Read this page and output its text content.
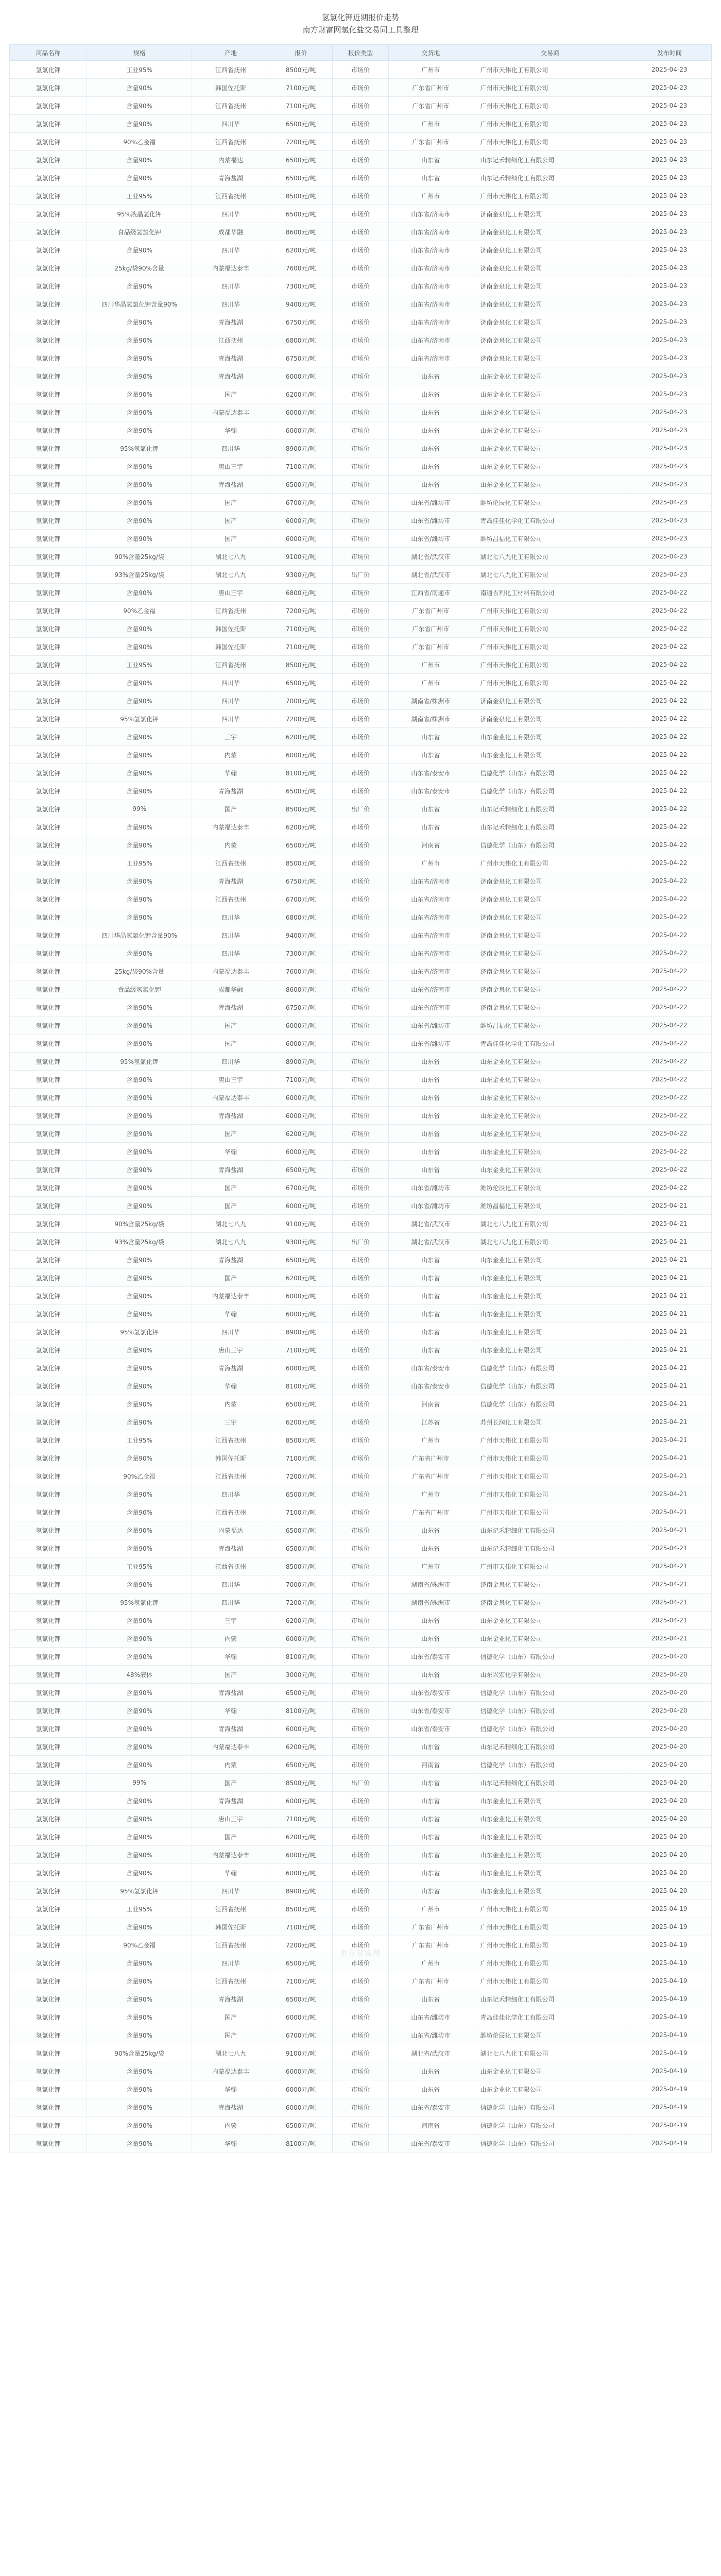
氢氯化钾近期报价走势
南方财富网氢化盐交易同工具整理
商品名称	规格	产地	报价	报价类型	交货地	交易商	发布时间
氢氯化钾	工业95%	江西省抚州	8500元/吨	市场价	广州市	广州市天伟化工有限公司	2025-04-23
氢氯化钾	含量90%	韩国佐托斯	7100元/吨	市场价	广东省广州市	广州市天伟化工有限公司	2025-04-23
氢氯化钾	含量90%	江西省抚州	7100元/吨	市场价	广东省广州市	广州市天伟化工有限公司	2025-04-23
氢氯化钾	含量90%	四川华	6500元/吨	市场价	广州市	广州市天伟化工有限公司	2025-04-23
氢氯化钾	90%乙金福	江西省抚州	7200元/吨	市场价	广东省广州市	广州市天伟化工有限公司	2025-04-23
氢氯化钾	含量90%	内蒙福达	6500元/吨	市场价	山东省	山东记禾精细化工有限公司	2025-04-23
氢氯化钾	含量90%	青海盐湖	6500元/吨	市场价	山东省	山东记禾精细化工有限公司	2025-04-23
氢氯化钾	工业95%	江西省抚州	8500元/吨	市场价	广州市	广州市天伟化工有限公司	2025-04-23
氢氯化钾	95%液晶氢化钾	四川华	6500元/吨	市场价	山东省/济南市	济南金泉化工有限公司	2025-04-23
氢氯化钾	食品级氢氯化钾	成都华融	8600元/吨	市场价	山东省/济南市	济南金泉化工有限公司	2025-04-23
氢氯化钾	含量90%	四川华	6200元/吨	市场价	山东省/济南市	济南金泉化工有限公司	2025-04-23
氢氯化钾	25kg/袋90%含量	内蒙福达泰丰	7600元/吨	市场价	山东省/济南市	济南金泉化工有限公司	2025-04-23
氢氯化钾	含量90%	四川华	7300元/吨	市场价	山东省/济南市	济南金泉化工有限公司	2025-04-23
氢氯化钾	四川华晶氢氯化钾含量90%	四川华	9400元/吨	市场价	山东省/济南市	济南金泉化工有限公司	2025-04-23
氢氯化钾	含量90%	青海盐湖	6750元/吨	市场价	山东省/济南市	济南金泉化工有限公司	2025-04-23
氢氯化钾	含量90%	江西抚州	6800元/吨	市场价	山东省/济南市	济南金泉化工有限公司	2025-04-23
氢氯化钾	含量90%	青海盐湖	6750元/吨	市场价	山东省/济南市	济南金泉化工有限公司	2025-04-23
氢氯化钾	含量90%	青海盐湖	6000元/吨	市场价	山东省	山东金业化工有限公司	2025-04-23
氢氯化钾	含量90%	国产	6200元/吨	市场价	山东省	山东金业化工有限公司	2025-04-23
氢氯化钾	含量90%	内蒙福达泰丰	6000元/吨	市场价	山东省	山东金业化工有限公司	2025-04-23
氢氯化钾	含量90%	华翰	6000元/吨	市场价	山东省	山东金业化工有限公司	2025-04-23
氢氯化钾	95%氢氯化钾	四川华	8900元/吨	市场价	山东省	山东金业化工有限公司	2025-04-23
氢氯化钾	含量90%	唐山三宇	7100元/吨	市场价	山东省	山东金业化工有限公司	2025-04-23
氢氯化钾	含量90%	青海盐湖	6500元/吨	市场价	山东省	山东金业化工有限公司	2025-04-23
氢氯化钾	含量90%	国产	6700元/吨	市场价	山东省/潍坊市	潍坊伦辰化工有限公司	2025-04-23
氢氯化钾	含量90%	国产	6000元/吨	市场价	山东省/潍坊市	青岛佳佳化学化工有限公司	2025-04-23
氢氯化钾	含量90%	国产	6000元/吨	市场价	山东省/潍坊市	潍坊昌福化工有限公司	2025-04-23
氢氯化钾	90%含量25kg/袋	湖北七八九	9100元/吨	市场价	湖北省/武汉市	湖北七八九化工有限公司	2025-04-23
氢氯化钾	93%含量25kg/袋	湖北七八九	9300元/吨	出厂价	湖北省/武汉市	湖北七八九化工有限公司	2025-04-23
氢氯化钾	含量90%	唐山三宇	6800元/吨	市场价	江西省/南通市	南通吉利化工材料有限公司	2025-04-22
氢氯化钾	90%乙金福	江西省抚州	7200元/吨	市场价	广东省广州市	广州市天伟化工有限公司	2025-04-22
氢氯化钾	含量90%	韩国佐托斯	7100元/吨	市场价	广东省广州市	广州市天伟化工有限公司	2025-04-22
氢氯化钾	含量90%	韩国佐托斯	7100元/吨	市场价	广东省广州市	广州市天伟化工有限公司	2025-04-22
氢氯化钾	工业95%	江西省抚州	8500元/吨	市场价	广州市	广州市天伟化工有限公司	2025-04-22
氢氯化钾	含量90%	四川华	6500元/吨	市场价	广州市	广州市天伟化工有限公司	2025-04-22
氢氯化钾	含量90%	四川华	7000元/吨	市场价	湖南省/株洲市	济南金泉化工有限公司	2025-04-22
氢氯化钾	95%氢氯化钾	四川华	7200元/吨	市场价	湖南省/株洲市	济南金泉化工有限公司	2025-04-22
氢氯化钾	含量90%	三宇	6200元/吨	市场价	山东省	山东金业化工有限公司	2025-04-22
氢氯化钾	含量90%	内蒙	6000元/吨	市场价	山东省	山东金业化工有限公司	2025-04-22
氢氯化钾	含量90%	华翰	8100元/吨	市场价	山东省/泰安市	信德化学（山东）有限公司	2025-04-22
氢氯化钾	含量90%	青海盐湖	6500元/吨	市场价	山东省/泰安市	信德化学（山东）有限公司	2025-04-22
氢氯化钾	99%	国产	8500元/吨	出厂价	山东省	山东记禾精细化工有限公司	2025-04-22
氢氯化钾	含量90%	内蒙福达泰丰	6200元/吨	市场价	山东省	山东记禾精细化工有限公司	2025-04-22
氢氯化钾	含量90%	内蒙	6500元/吨	市场价	河南省	信德化学（山东）有限公司	2025-04-22
氢氯化钾	工业95%	江西省抚州	8500元/吨	市场价	广州市	广州市天伟化工有限公司	2025-04-22
氢氯化钾	含量90%	青海盐湖	6750元/吨	市场价	山东省/济南市	济南金泉化工有限公司	2025-04-22
氢氯化钾	含量90%	江西省抚州	6700元/吨	市场价	山东省/济南市	济南金泉化工有限公司	2025-04-22
氢氯化钾	含量90%	四川华	6800元/吨	市场价	山东省/济南市	济南金泉化工有限公司	2025-04-22
氢氯化钾	四川华晶氢氯化钾含量90%	四川华	9400元/吨	市场价	山东省/济南市	济南金泉化工有限公司	2025-04-22
氢氯化钾	含量90%	四川华	7300元/吨	市场价	山东省/济南市	济南金泉化工有限公司	2025-04-22
氢氯化钾	25kg/袋90%含量	内蒙福达泰丰	7600元/吨	市场价	山东省/济南市	济南金泉化工有限公司	2025-04-22
氢氯化钾	食品级氢氯化钾	成都华融	8600元/吨	市场价	山东省/济南市	济南金泉化工有限公司	2025-04-22
氢氯化钾	含量90%	青海盐湖	6750元/吨	市场价	山东省/济南市	济南金泉化工有限公司	2025-04-22
氢氯化钾	含量90%	国产	6000元/吨	市场价	山东省/潍坊市	潍坊昌福化工有限公司	2025-04-22
氢氯化钾	含量90%	国产	6000元/吨	市场价	山东省/潍坊市	青岛佳佳化学化工有限公司	2025-04-22
氢氯化钾	95%氢氯化钾	四川华	8900元/吨	市场价	山东省	山东金业化工有限公司	2025-04-22
氢氯化钾	含量90%	唐山三宇	7100元/吨	市场价	山东省	山东金业化工有限公司	2025-04-22
氢氯化钾	含量90%	内蒙福达泰丰	6000元/吨	市场价	山东省	山东金业化工有限公司	2025-04-22
氢氯化钾	含量90%	青海盐湖	6000元/吨	市场价	山东省	山东金业化工有限公司	2025-04-22
氢氯化钾	含量90%	国产	6200元/吨	市场价	山东省	山东金业化工有限公司	2025-04-22
氢氯化钾	含量90%	华翰	6000元/吨	市场价	山东省	山东金业化工有限公司	2025-04-22
氢氯化钾	含量90%	青海盐湖	6500元/吨	市场价	山东省	山东金业化工有限公司	2025-04-22
氢氯化钾	含量90%	国产	6700元/吨	市场价	山东省/潍坊市	潍坊伦辰化工有限公司	2025-04-22
氢氯化钾	含量90%	国产	6000元/吨	市场价	山东省/潍坊市	潍坊昌福化工有限公司	2025-04-21
氢氯化钾	90%含量25kg/袋	湖北七八九	9100元/吨	市场价	湖北省/武汉市	湖北七八九化工有限公司	2025-04-21
氢氯化钾	93%含量25kg/袋	湖北七八九	9300元/吨	出厂价	湖北省/武汉市	湖北七八九化工有限公司	2025-04-21
氢氯化钾	含量90%	青海盐湖	6500元/吨	市场价	山东省	山东金业化工有限公司	2025-04-21
氢氯化钾	含量90%	国产	6200元/吨	市场价	山东省	山东金业化工有限公司	2025-04-21
氢氯化钾	含量90%	内蒙福达泰丰	6000元/吨	市场价	山东省	山东金业化工有限公司	2025-04-21
氢氯化钾	含量90%	华翰	6000元/吨	市场价	山东省	山东金业化工有限公司	2025-04-21
氢氯化钾	95%氢氯化钾	四川华	8900元/吨	市场价	山东省	山东金业化工有限公司	2025-04-21
氢氯化钾	含量90%	唐山三宇	7100元/吨	市场价	山东省	山东金业化工有限公司	2025-04-21
氢氯化钾	含量90%	青海盐湖	6000元/吨	市场价	山东省/泰安市	信德化学（山东）有限公司	2025-04-21
氢氯化钾	含量90%	华翰	8100元/吨	市场价	山东省/泰安市	信德化学（山东）有限公司	2025-04-21
氢氯化钾	含量90%	内蒙	6500元/吨	市场价	河南省	信德化学（山东）有限公司	2025-04-21
氢氯化钾	含量90%	三宇	6200元/吨	市场价	江苏省	苏州长润化工有限公司	2025-04-21
氢氯化钾	工业95%	江西省抚州	8500元/吨	市场价	广州市	广州市天伟化工有限公司	2025-04-21
氢氯化钾	含量90%	韩国佐托斯	7100元/吨	市场价	广东省广州市	广州市天伟化工有限公司	2025-04-21
氢氯化钾	90%乙金福	江西省抚州	7200元/吨	市场价	广东省广州市	广州市天伟化工有限公司	2025-04-21
氢氯化钾	含量90%	四川华	6500元/吨	市场价	广州市	广州市天伟化工有限公司	2025-04-21
氢氯化钾	含量90%	江西省抚州	7100元/吨	市场价	广东省广州市	广州市天伟化工有限公司	2025-04-21
氢氯化钾	含量90%	内蒙福达	6500元/吨	市场价	山东省	山东记禾精细化工有限公司	2025-04-21
氢氯化钾	含量90%	青海盐湖	6500元/吨	市场价	山东省	山东记禾精细化工有限公司	2025-04-21
氢氯化钾	工业95%	江西省抚州	8500元/吨	市场价	广州市	广州市天伟化工有限公司	2025-04-21
氢氯化钾	含量90%	四川华	7000元/吨	市场价	湖南省/株洲市	济南金泉化工有限公司	2025-04-21
氢氯化钾	95%氢氯化钾	四川华	7200元/吨	市场价	湖南省/株洲市	济南金泉化工有限公司	2025-04-21
氢氯化钾	含量90%	三宇	6200元/吨	市场价	山东省	山东金业化工有限公司	2025-04-21
氢氯化钾	含量90%	内蒙	6000元/吨	市场价	山东省	山东金业化工有限公司	2025-04-21
氢氯化钾	含量90%	华翰	8100元/吨	市场价	山东省/泰安市	信德化学（山东）有限公司	2025-04-20
氢氯化钾	48%液体	国产	3000元/吨	市场价	山东省	山东兴宏化学有限公司	2025-04-20
氢氯化钾	含量90%	青海盐湖	6500元/吨	市场价	山东省/泰安市	信德化学（山东）有限公司	2025-04-20
氢氯化钾	含量90%	华翰	8100元/吨	市场价	山东省/泰安市	信德化学（山东）有限公司	2025-04-20
氢氯化钾	含量90%	青海盐湖	6000元/吨	市场价	山东省/泰安市	信德化学（山东）有限公司	2025-04-20
氢氯化钾	含量90%	内蒙福达泰丰	6200元/吨	市场价	山东省	山东记禾精细化工有限公司	2025-04-20
氢氯化钾	含量90%	内蒙	6500元/吨	市场价	河南省	信德化学（山东）有限公司	2025-04-20
氢氯化钾	99%	国产	8500元/吨	出厂价	山东省	山东记禾精细化工有限公司	2025-04-20
氢氯化钾	含量90%	青海盐湖	6000元/吨	市场价	山东省	山东金业化工有限公司	2025-04-20
氢氯化钾	含量90%	唐山三宇	7100元/吨	市场价	山东省	山东金业化工有限公司	2025-04-20
氢氯化钾	含量90%	国产	6200元/吨	市场价	山东省	山东金业化工有限公司	2025-04-20
氢氯化钾	含量90%	内蒙福达泰丰	6000元/吨	市场价	山东省	山东金业化工有限公司	2025-04-20
氢氯化钾	含量90%	华翰	6000元/吨	市场价	山东省	山东金业化工有限公司	2025-04-20
氢氯化钾	95%氢氯化钾	四川华	8900元/吨	市场价	山东省	山东金业化工有限公司	2025-04-20
氢氯化钾	工业95%	江西省抚州	8500元/吨	市场价	广州市	广州市天伟化工有限公司	2025-04-19
氢氯化钾	含量90%	韩国佐托斯	7100元/吨	市场价	广东省广州市	广州市天伟化工有限公司	2025-04-19
氢氯化钾	90%乙金福	江西省抚州	7200元/吨	市场价	广东省广州市	广州市天伟化工有限公司	2025-04-19
氢氯化钾	含量90%	四川华	6500元/吨	市场价	广州市	广州市天伟化工有限公司	2025-04-19
氢氯化钾	含量90%	江西省抚州	7100元/吨	市场价	广东省广州市	广州市天伟化工有限公司	2025-04-19
氢氯化钾	含量90%	青海盐湖	6500元/吨	市场价	山东省	山东记禾精细化工有限公司	2025-04-19
氢氯化钾	含量90%	国产	6000元/吨	市场价	山东省/潍坊市	青岛佳佳化学化工有限公司	2025-04-19
氢氯化钾	含量90%	国产	6700元/吨	市场价	山东省/潍坊市	潍坊伦辰化工有限公司	2025-04-19
氢氯化钾	90%含量25kg/袋	湖北七八九	9100元/吨	市场价	湖北省/武汉市	湖北七八九化工有限公司	2025-04-19
氢氯化钾	含量90%	内蒙福达泰丰	6000元/吨	市场价	山东省	山东金业化工有限公司	2025-04-19
氢氯化钾	含量90%	华翰	6000元/吨	市场价	山东省	山东金业化工有限公司	2025-04-19
氢氯化钾	含量90%	青海盐湖	6000元/吨	市场价	山东省/泰安市	信德化学（山东）有限公司	2025-04-19
氢氯化钾	含量90%	内蒙	6500元/吨	市场价	河南省	信德化学（山东）有限公司	2025-04-19
氢氯化钾	含量90%	华翰	8100元/吨	市场价	山东省/泰安市	信德化学（山东）有限公司	2025-04-19
南方财富网
